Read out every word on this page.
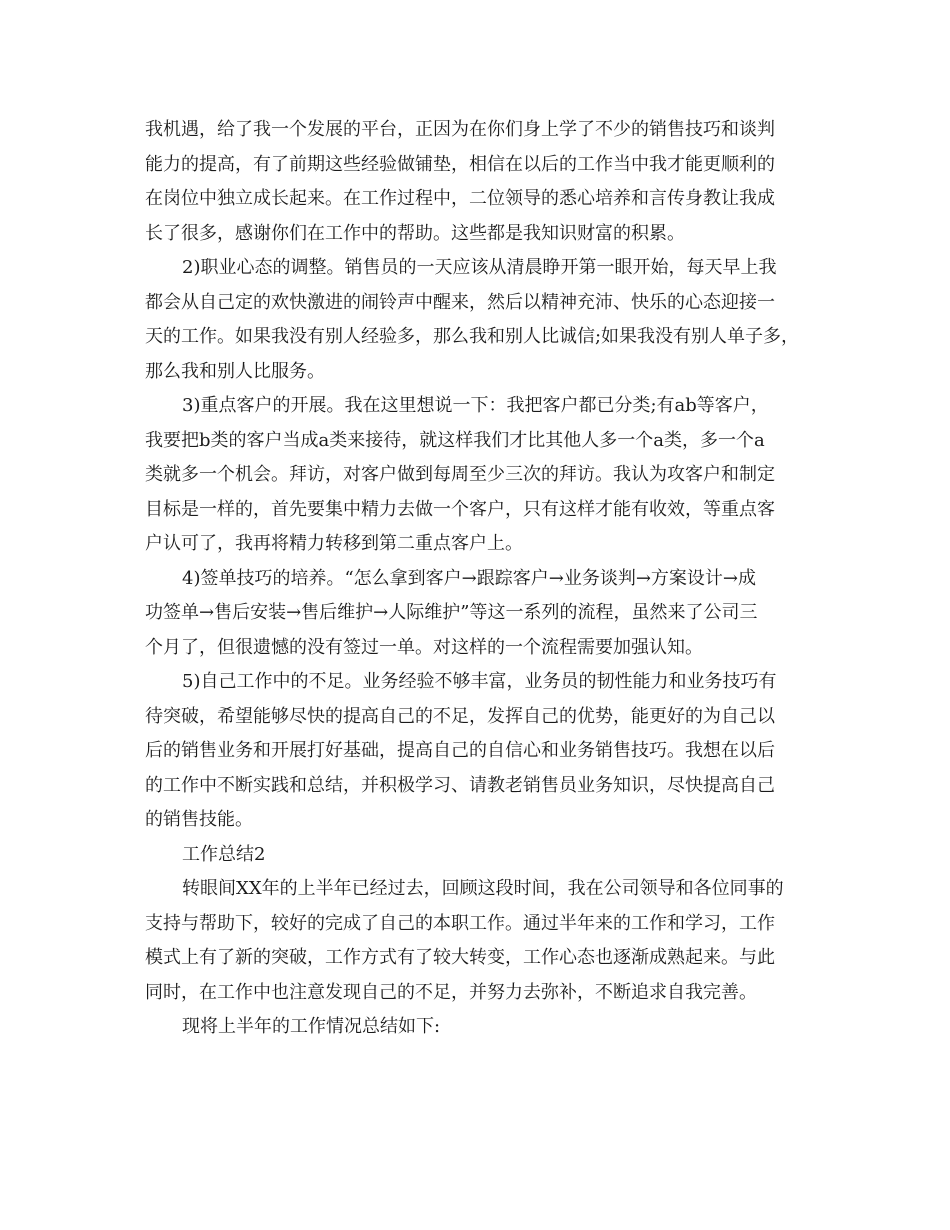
我机遇，给了我一个发展的平台，正因为在你们身上学了不少的销售技巧和谈判
能力的提高，有了前期这些经验做铺垫，相信在以后的工作当中我才能更顺利的
在岗位中独立成长起来。在工作过程中，二位领导的悉心培养和言传身教让我成
长了很多，感谢你们在工作中的帮助。这些都是我知识财富的积累。
2)职业心态的调整。销售员的一天应该从清晨睁开第一眼开始，每天早上我
都会从自己定的欢快激进的闹铃声中醒来，然后以精神充沛、快乐的心态迎接一
天的工作。如果我没有别人经验多，那么我和别人比诚信;如果我没有别人单子多，
那么我和别人比服务。
3)重点客户的开展。我在这里想说一下：我把客户都已分类;有ab等客户，
我要把b类的客户当成a类来接待，就这样我们才比其他人多一个a类，多一个a
类就多一个机会。拜访，对客户做到每周至少三次的拜访。我认为攻客户和制定
目标是一样的，首先要集中精力去做一个客户，只有这样才能有收效，等重点客
户认可了，我再将精力转移到第二重点客户上。
4)签单技巧的培养。“怎么拿到客户→跟踪客户→业务谈判→方案设计→成
功签单→售后安装→售后维护→人际维护”等这一系列的流程，虽然来了公司三
个月了，但很遗憾的没有签过一单。对这样的一个流程需要加强认知。
5)自己工作中的不足。业务经验不够丰富，业务员的韧性能力和业务技巧有
待突破，希望能够尽快的提高自己的不足，发挥自己的优势，能更好的为自己以
后的销售业务和开展打好基础，提高自己的自信心和业务销售技巧。我想在以后
的工作中不断实践和总结，并积极学习、请教老销售员业务知识，尽快提高自己
的销售技能。
工作总结2
转眼间XX年的上半年已经过去，回顾这段时间，我在公司领导和各位同事的
支持与帮助下，较好的完成了自己的本职工作。通过半年来的工作和学习，工作
模式上有了新的突破，工作方式有了较大转变，工作心态也逐渐成熟起来。与此
同时，在工作中也注意发现自己的不足，并努力去弥补，不断追求自我完善。
现将上半年的工作情况总结如下:
